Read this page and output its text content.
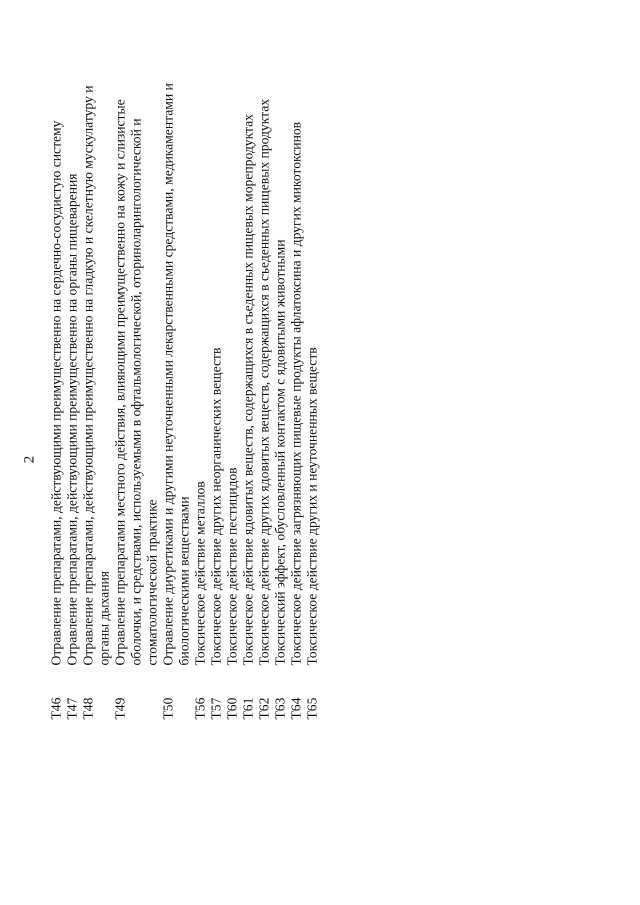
2
T46
Отравление препаратами, действующими преимущественно на сердечно-сосудистую систему
T47
Отравление препаратами, действующими преимущественно на органы пищеварения
T48
Отравление препаратами, действующими преимущественно на гладкую и скелетную мускулатуру и органы дыхания
T49
Отравление препаратами местного действия, влияющими преимущественно на кожу и слизистые оболочки, и средствами, используемыми в офтальмологической, оториноларингологической и стоматологической практике
T50
Отравление диуретиками и другими неуточненными лекарственными средствами, медикаментами и биологическими веществами
T56
Токсическое действие металлов
T57
Токсическое действие других неорганических веществ
T60
Токсическое действие пестицидов
T61
Токсическое действие ядовитых веществ, содержащихся в съеденных пищевых морепродуктах
T62
Токсическое действие других ядовитых веществ, содержащихся в съеденных пищевых продуктах
T63
Токсический эффект, обусловленный контактом с ядовитыми животными
T64
Токсическое действие загрязняющих пищевые продукты афлатоксина и других микотоксинов
T65
Токсическое действие других и неуточненных веществ
